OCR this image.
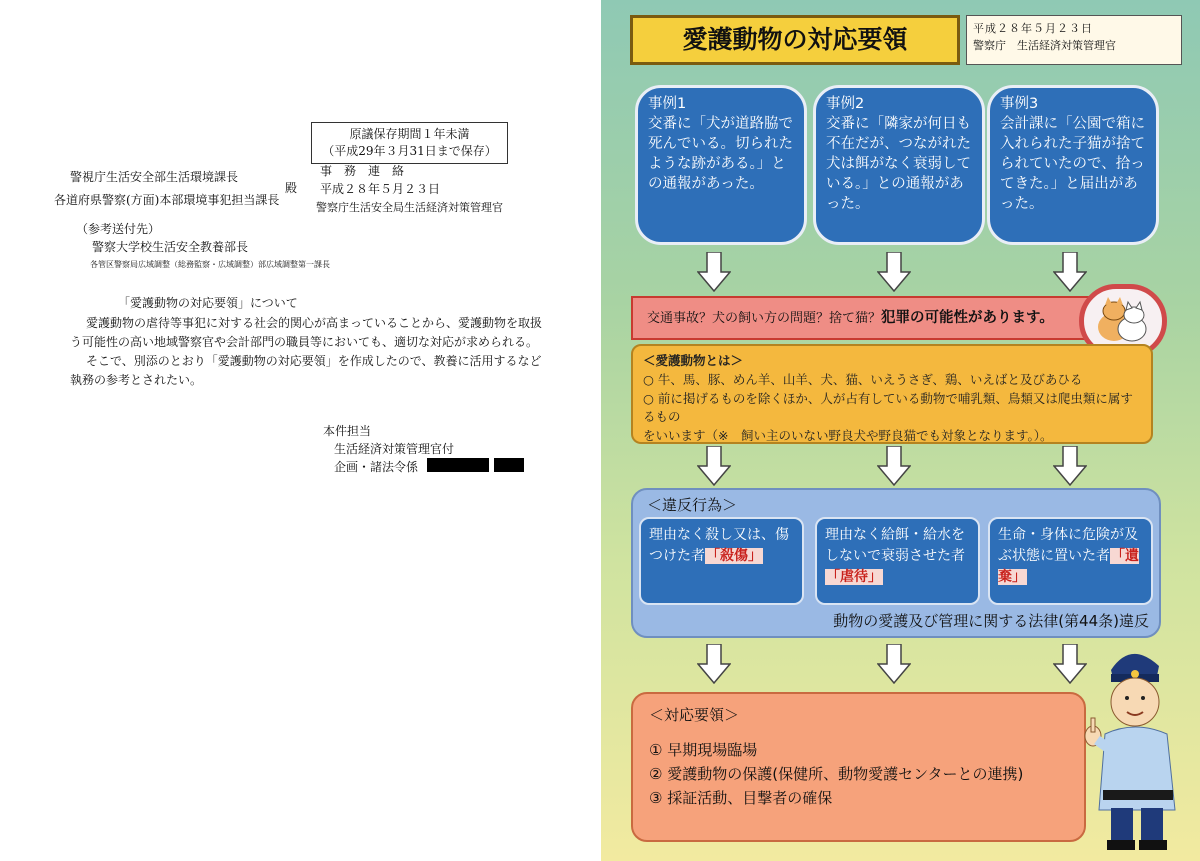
原議保存期間１年未満
（平成29年３月31日まで保存）
警視庁生活安全部生活環境課長
各道府県警察(方面)本部環境事犯担当課長
殿
事　務　連　絡
平成２８年５月２３日
警察庁生活安全局生活経済対策管理官
（参考送付先）
警察大学校生活安全教養部長
各管区警察局広域調整（総務監察・広域調整）部広域調整第一課長
「愛護動物の対応要領」について
愛護動物の虐待等事犯に対する社会的関心が高まっていることから、愛護動物を取扱う可能性の高い地域警察官や会計部門の職員等においても、適切な対応が求められる。
そこで、別添のとおり「愛護動物の対応要領」を作成したので、教養に活用するなど執務の参考とされたい。
本件担当
生活経済対策管理官付
企画・諸法令係
愛護動物の対応要領	平成２８年５月２３日
警察庁　生活経済対策管理官
事例1
交番に「犬が道路脇で死んでいる。切られたような跡がある。」との通報があった。
事例2
交番に「隣家が何日も不在だが、つながれた犬は餌がなく衰弱している。」との通報があった。
事例3
会計課に「公園で箱に入れられた子猫が捨てられていたので、拾ってきた。」と届出があった。
交通事故？犬の飼い方の問題？捨て猫？犯罪の可能性があります。
＜愛護動物とは＞
○ 牛、馬、豚、めん羊、山羊、犬、猫、いえうさぎ、鶏、いえばと及びあひる
○ 前に掲げるものを除くほか、人が占有している動物で哺乳類、鳥類又は爬虫類に属するもの
をいいます（※　飼い主のいない野良犬や野良猫でも対象となります。）。
＜違反行為＞
理由なく殺し又は、傷つけた者「殺傷」
理由なく給餌・給水をしないで衰弱させた者「虐待」
生命・身体に危険が及ぶ状態に置いた者「遺棄」
動物の愛護及び管理に関する法律(第44条)違反
＜対応要領＞
① 早期現場臨場
② 愛護動物の保護(保健所、動物愛護センターとの連携)
③ 採証活動、目撃者の確保
